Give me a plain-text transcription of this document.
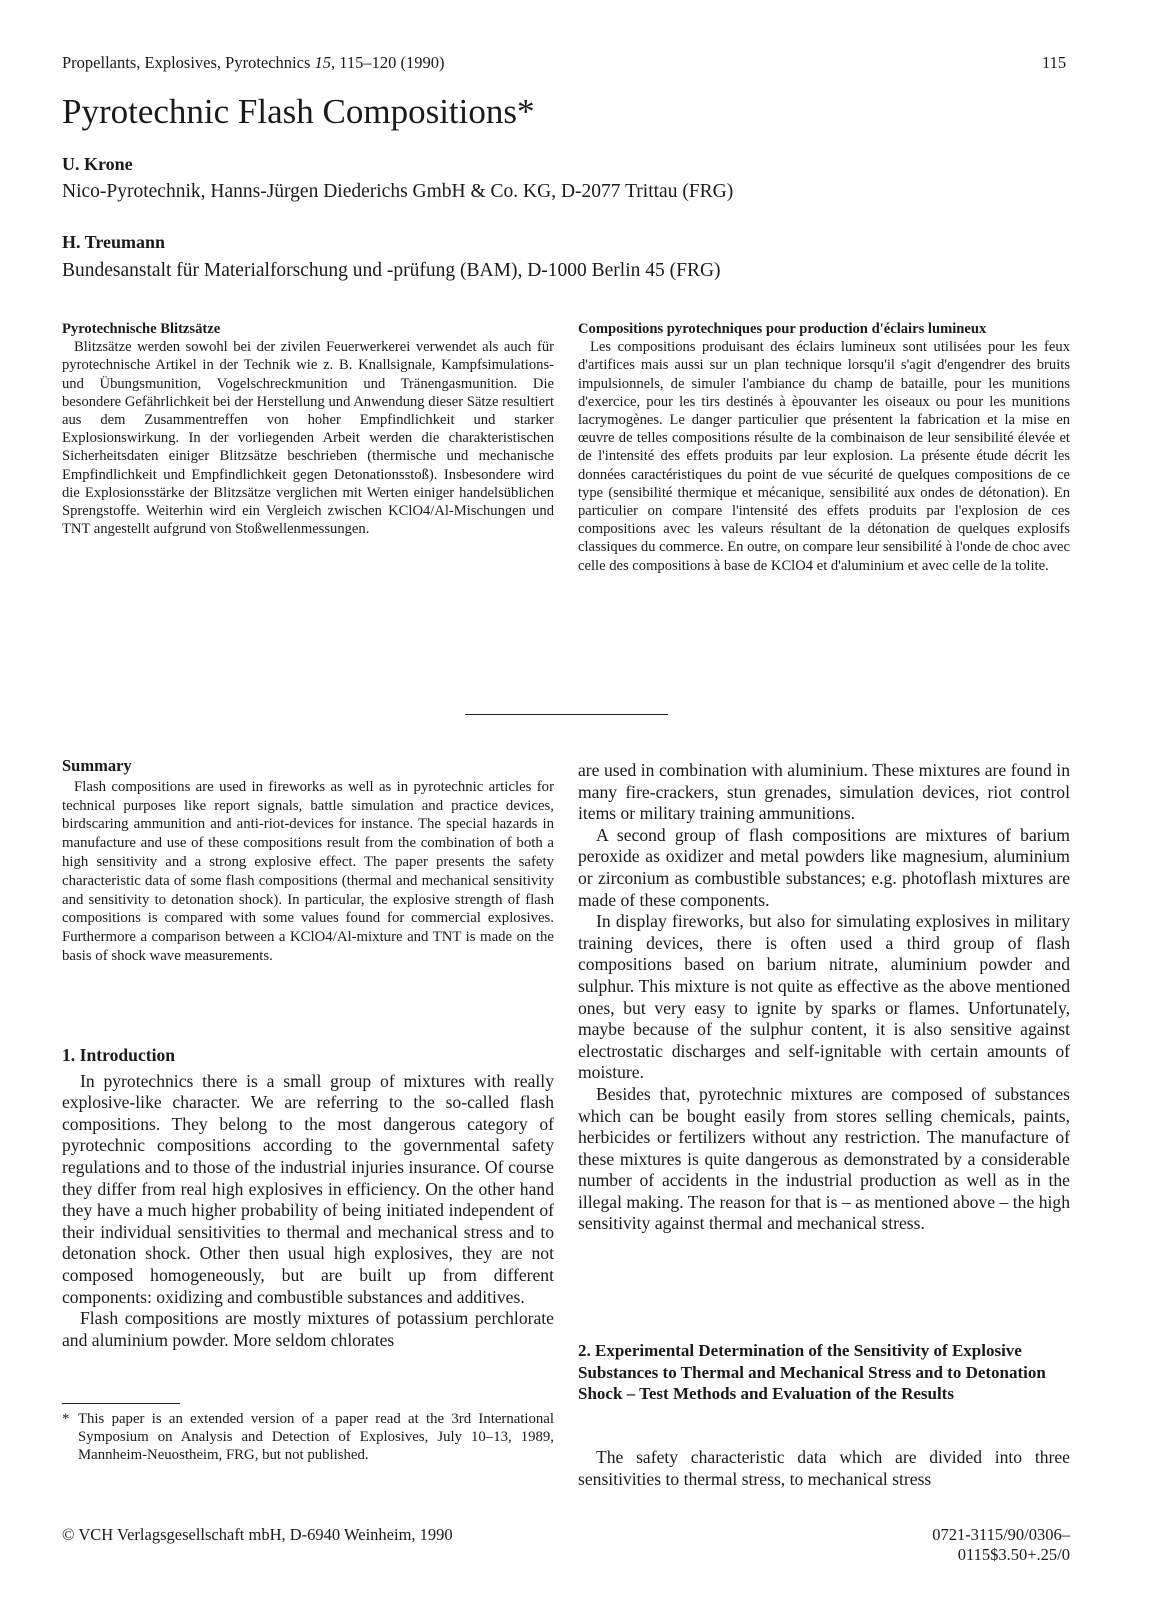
Propellants, Explosives, Pyrotechnics 15, 115–120 (1990)	115
Pyrotechnic Flash Compositions*
U. Krone
Nico-Pyrotechnik, Hanns-Jürgen Diederichs GmbH & Co. KG, D-2077 Trittau (FRG)
H. Treumann
Bundesanstalt für Materialforschung und -prüfung (BAM), D-1000 Berlin 45 (FRG)
Pyrotechnische Blitzsätze

Blitzsätze werden sowohl bei der zivilen Feuerwerkerei verwendet als auch für pyrotechnische Artikel in der Technik wie z. B. Knallsignale, Kampfsimulations- und Übungsmunition, Vogelschreckmunition und Tränengasmunition. Die besondere Gefährlichkeit bei der Herstellung und Anwendung dieser Sätze resultiert aus dem Zusammentreffen von hoher Empfindlichkeit und starker Explosionswirkung. In der vorliegenden Arbeit werden die charakteristischen Sicherheitsdaten einiger Blitzsätze beschrieben (thermische und mechanische Empfindlichkeit und Empfindlichkeit gegen Detonationsstoß). Insbesondere wird die Explosionsstärke der Blitzsätze verglichen mit Werten einiger handelsüblichen Sprengstoffe. Weiterhin wird ein Vergleich zwischen KClO4/Al-Mischungen und TNT angestellt aufgrund von Stoßwellenmessungen.

Compositions pyrotechniques pour production d'éclairs lumineux

Les compositions produisant des éclairs lumineux sont utilisées pour les feux d'artifices mais aussi sur un plan technique lorsqu'il s'agit d'engendrer des bruits impulsionnels, de simuler l'ambiance du champ de bataille, pour les munitions d'exercice, pour les tirs destinés à èpouvanter les oiseaux ou pour les munitions lacrymogènes. Le danger particulier que présentent la fabrication et la mise en œuvre de telles compositions résulte de la combinaison de leur sensibilité élevée et de l'intensité des effets produits par leur explosion. La présente étude décrit les données caractéristiques du point de vue sécurité de quelques compositions de ce type (sensibilité thermique et mécanique, sensibilité aux ondes de détonation). En particulier on compare l'intensité des effets produits par l'explosion de ces compositions avec les valeurs résultant de la détonation de quelques explosifs classiques du commerce. En outre, on compare leur sensibilité à l'onde de choc avec celle des compositions à base de KClO4 et d'aluminium et avec celle de la tolite.

Summary

Flash compositions are used in fireworks as well as in pyrotechnic articles for technical purposes like report signals, battle simulation and practice devices, birdscaring ammunition and anti-riot-devices for instance. The special hazards in manufacture and use of these compositions result from the combination of both a high sensitivity and a strong explosive effect. The paper presents the safety characteristic data of some flash compositions (thermal and mechanical sensitivity and sensitivity to detonation shock). In particular, the explosive strength of flash compositions is compared with some values found for commercial explosives. Furthermore a comparison between a KClO4/Al-mixture and TNT is made on the basis of shock wave measurements.

1. Introduction

In pyrotechnics there is a small group of mixtures with really explosive-like character. We are referring to the so-called flash compositions. They belong to the most dangerous category of pyrotechnic compositions according to the governmental safety regulations and to those of the industrial injuries insurance. Of course they differ from real high explosives in efficiency. On the other hand they have a much higher probability of being initiated independent of their individual sensitivities to thermal and mechanical stress and to detonation shock. Other then usual high explosives, they are not composed homogeneously, but are built up from different components: oxidizing and combustible substances and additives.

Flash compositions are mostly mixtures of potassium perchlorate and aluminium powder. More seldom chlorates

* This paper is an extended version of a paper read at the 3rd International Symposium on Analysis and Detection of Explosives, July 10–13, 1989, Mannheim-Neuostheim, FRG, but not published.

are used in combination with aluminium. These mixtures are found in many fire-crackers, stun grenades, simulation devices, riot control items or military training ammunitions.

A second group of flash compositions are mixtures of barium peroxide as oxidizer and metal powders like magnesium, aluminium or zirconium as combustible substances; e.g. photoflash mixtures are made of these components.

In display fireworks, but also for simulating explosives in military training devices, there is often used a third group of flash compositions based on barium nitrate, aluminium powder and sulphur. This mixture is not quite as effective as the above mentioned ones, but very easy to ignite by sparks or flames. Unfortunately, maybe because of the sulphur content, it is also sensitive against electrostatic discharges and self-ignitable with certain amounts of moisture.

Besides that, pyrotechnic mixtures are composed of substances which can be bought easily from stores selling chemicals, paints, herbicides or fertilizers without any restriction. The manufacture of these mixtures is quite dangerous as demonstrated by a considerable number of accidents in the industrial production as well as in the illegal making. The reason for that is – as mentioned above – the high sensitivity against thermal and mechanical stress.

2. Experimental Determination of the Sensitivity of Explosive Substances to Thermal and Mechanical Stress and to Detonation Shock – Test Methods and Evaluation of the Results

The safety characteristic data which are divided into three sensitivities to thermal stress, to mechanical stress

© VCH Verlagsgesellschaft mbH, D-6940 Weinheim, 1990	0721-3115/90/0306–0115$3.50+.25/0
